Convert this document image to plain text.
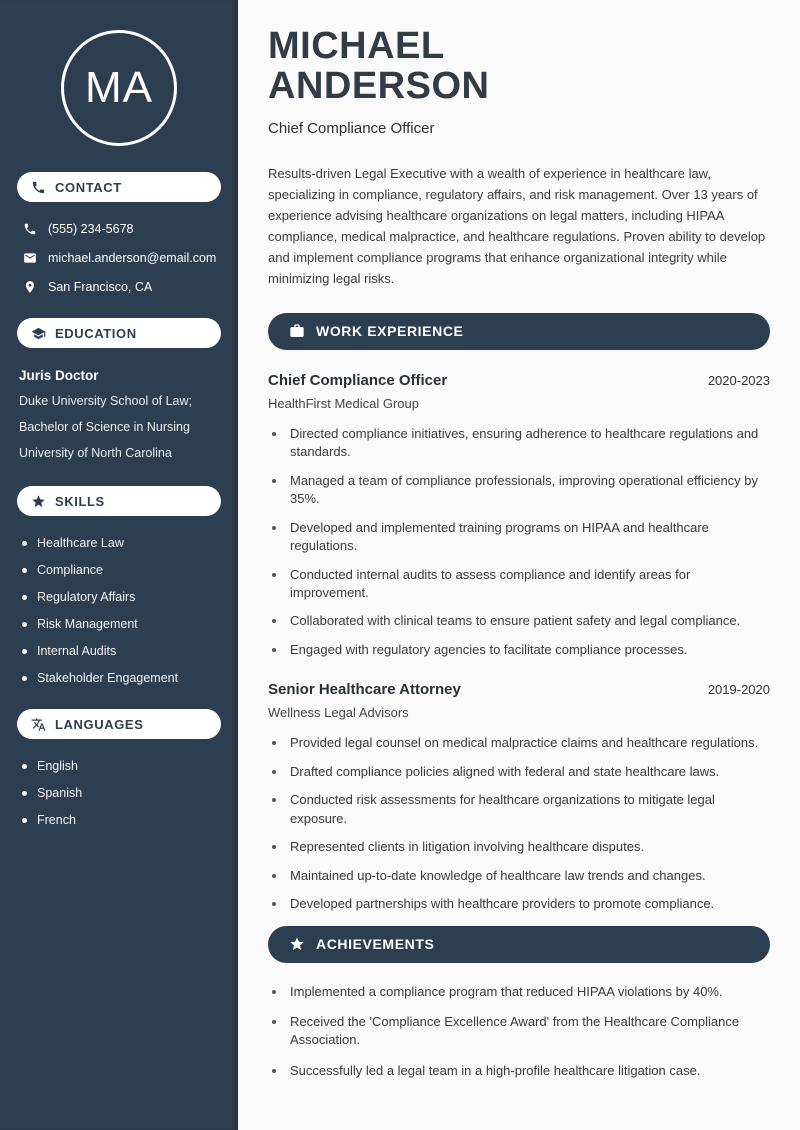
MA
CONTACT
(555) 234-5678
michael.anderson@email.com
San Francisco, CA
EDUCATION
Juris Doctor
Duke University School of Law;
Bachelor of Science in Nursing
University of North Carolina
SKILLS
Healthcare Law
Compliance
Regulatory Affairs
Risk Management
Internal Audits
Stakeholder Engagement
LANGUAGES
English
Spanish
French
MICHAEL
ANDERSON
Chief Compliance Officer

Results-driven Legal Executive with a wealth of experience in healthcare law, specializing in compliance, regulatory affairs, and risk management. Over 13 years of experience advising healthcare organizations on legal matters, including HIPAA compliance, medical malpractice, and healthcare regulations. Proven ability to develop and implement compliance programs that enhance organizational integrity while minimizing legal risks.

WORK EXPERIENCE
Chief Compliance Officer	2020-2023
HealthFirst Medical Group
• Directed compliance initiatives, ensuring adherence to healthcare regulations and standards.
• Managed a team of compliance professionals, improving operational efficiency by 35%.
• Developed and implemented training programs on HIPAA and healthcare regulations.
• Conducted internal audits to assess compliance and identify areas for improvement.
• Collaborated with clinical teams to ensure patient safety and legal compliance.
• Engaged with regulatory agencies to facilitate compliance processes.
Senior Healthcare Attorney	2019-2020
Wellness Legal Advisors
• Provided legal counsel on medical malpractice claims and healthcare regulations.
• Drafted compliance policies aligned with federal and state healthcare laws.
• Conducted risk assessments for healthcare organizations to mitigate legal exposure.
• Represented clients in litigation involving healthcare disputes.
• Maintained up-to-date knowledge of healthcare law trends and changes.
• Developed partnerships with healthcare providers to promote compliance.
ACHIEVEMENTS
• Implemented a compliance program that reduced HIPAA violations by 40%.
• Received the 'Compliance Excellence Award' from the Healthcare Compliance Association.
• Successfully led a legal team in a high-profile healthcare litigation case.
